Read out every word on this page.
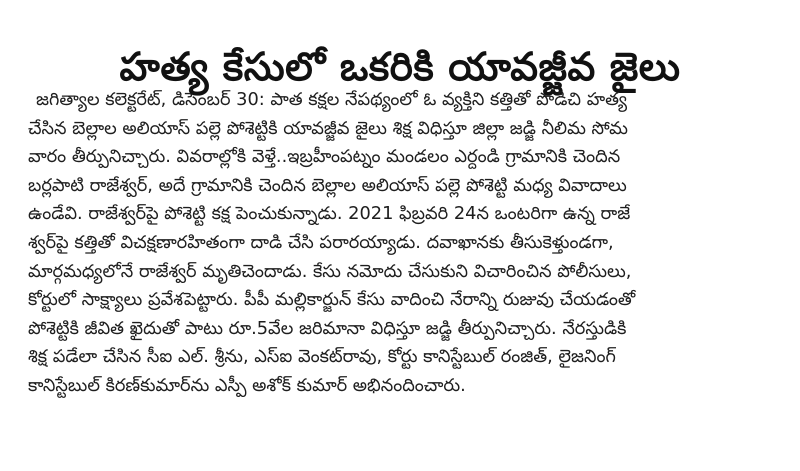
హత్య కేసులో ఒకరికి యావజ్జీవ జైలు

జగిత్యాల కలెక్టరేట్, డిసెంబర్ 30: పాత కక్షల నేపథ్యంలో ఓ వ్యక్తిని కత్తితో పొడిచి హత్య

చేసిన బెల్లాల అలియాస్ పల్లె పోశెట్టికి యావజ్జీవ జైలు శిక్ష విధిస్తూ జిల్లా జడ్జి నీలిమ సోమ

వారం తీర్పునిచ్చారు. వివరాల్లోకి వెళ్తే..ఇబ్రహీంపట్నం మండలం ఎర్దండి గ్రామానికి చెందిన

బర్లపాటి రాజేశ్వర్, అదే గ్రామానికి చెందిన బెల్లాల అలియాస్ పల్లె పోశెట్టి మధ్య వివాదాలు

ఉండేవి. రాజేశ్వర్‌పై పోశెట్టి కక్ష పెంచుకున్నాడు. 2021 ఫిబ్రవరి 24న ఒంటరిగా ఉన్న రాజే

శ్వర్‌పై కత్తితో విచక్షణారహితంగా దాడి చేసి పరారయ్యాడు. దవాఖానకు తీసుకెళ్తుండగా,

మార్గమధ్యలోనే రాజేశ్వర్ మృతిచెందాడు. కేసు నమోదు చేసుకుని విచారించిన పోలీసులు,

కోర్టులో సాక్ష్యాలు ప్రవేశపెట్టారు. పీపీ మల్లికార్జున్ కేసు వాదించి నేరాన్ని రుజువు చేయడంతో

పోశెట్టికి జీవిత ఖైదుతో పాటు రూ.5వేల జరిమానా విధిస్తూ జడ్జి తీర్పునిచ్చారు. నేరస్తుడికి

శిక్ష పడేలా చేసిన సీఐ ఎల్. శ్రీను, ఎస్ఐ వెంకట్‌రావు, కోర్టు కానిస్టేబుల్ రంజిత్, లైజనింగ్

కానిస్టేబుల్ కిరణ్‌కుమార్‌ను ఎస్పీ అశోక్ కుమార్ అభినందించారు.
